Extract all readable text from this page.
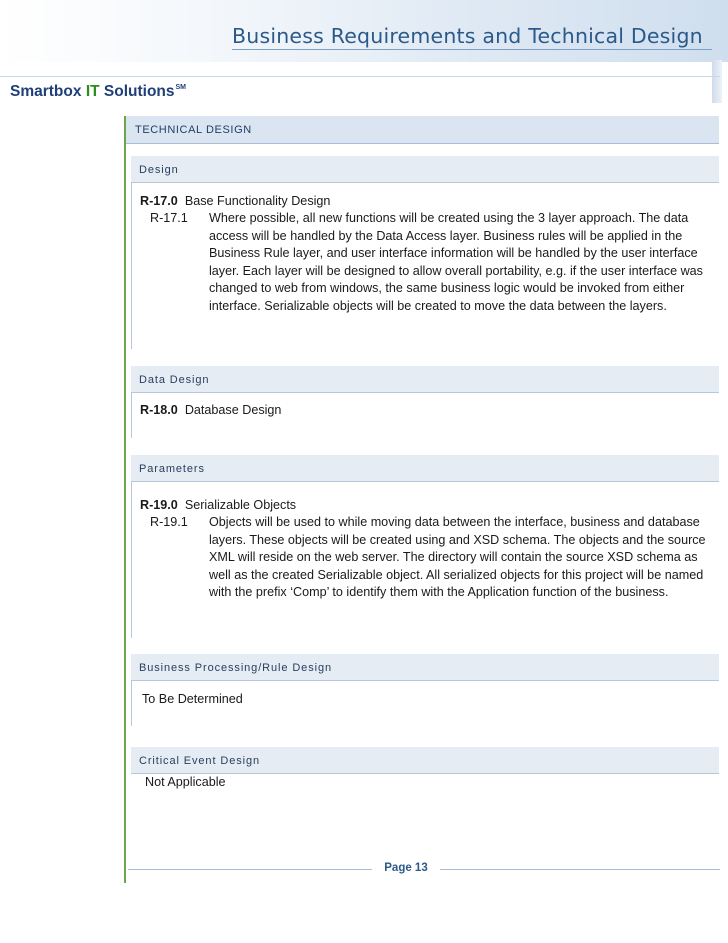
Business Requirements and Technical Design
Smartbox IT Solutions℠
TECHNICAL DESIGN
Design
R-17.0 Base Functionality Design
R-17.1 Where possible, all new functions will be created using the 3 layer approach. The data access will be handled by the Data Access layer. Business rules will be applied in the Business Rule layer, and user interface information will be handled by the user interface layer. Each layer will be designed to allow overall portability, e.g. if the user interface was changed to web from windows, the same business logic would be invoked from either interface. Serializable objects will be created to move the data between the layers.
Data Design
R-18.0 Database Design
Parameters
R-19.0 Serializable Objects
R-19.1 Objects will be used to while moving data between the interface, business and database layers. These objects will be created using and XSD schema. The objects and the source XML will reside on the web server. The directory will contain the source XSD schema as well as the created Serializable object. All serialized objects for this project will be named with the prefix ‘Comp’ to identify them with the Application function of the business.
Business Processing/Rule Design
To Be Determined
Critical Event Design
Not Applicable
Page 13
